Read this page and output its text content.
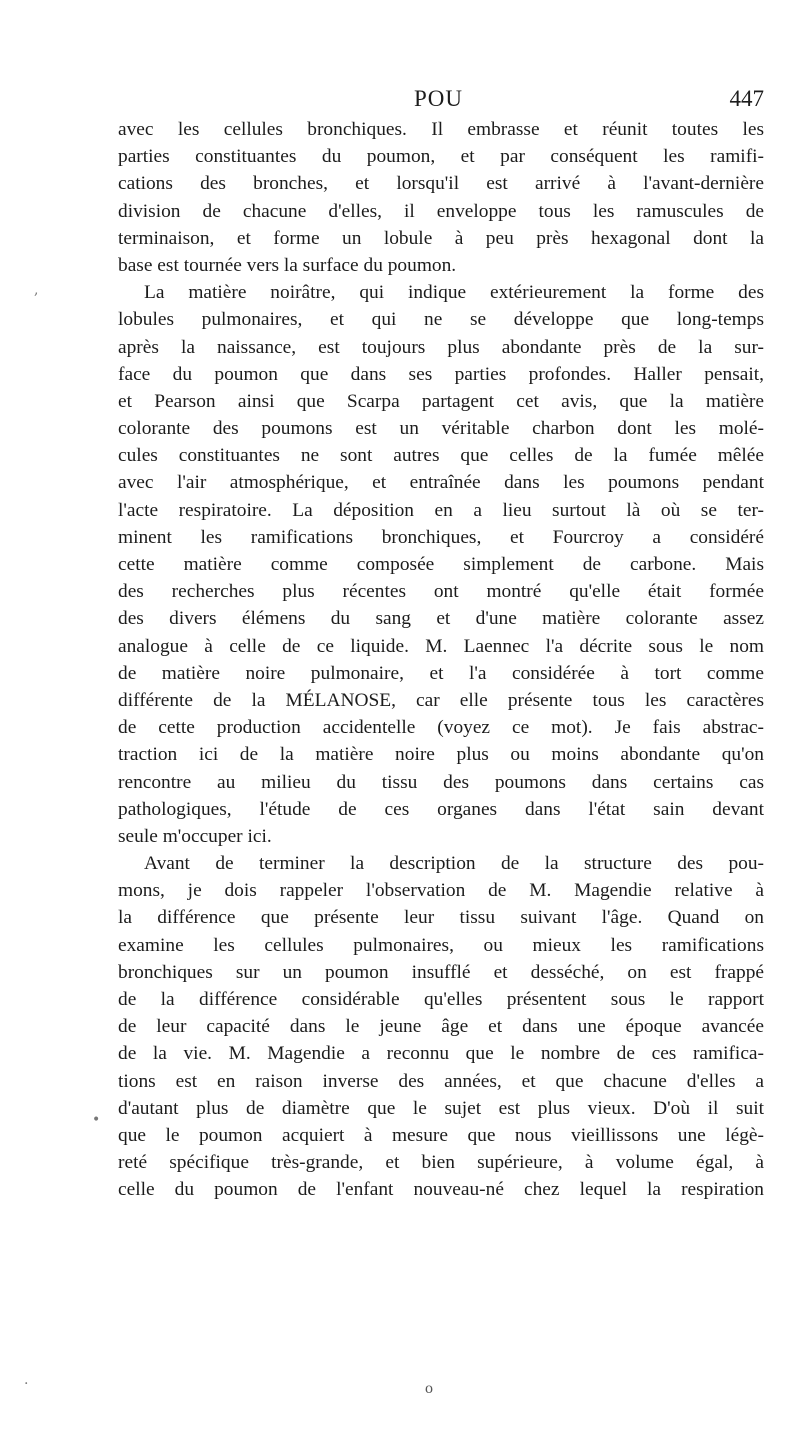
POU	447
avec les cellules bronchiques. Il embrasse et réunit toutes les
parties constituantes du poumon, et par conséquent les ramifi-
cations des bronches, et lorsqu'il est arrivé à l'avant-dernière
division de chacune d'elles, il enveloppe tous les ramuscules de
terminaison, et forme un lobule à peu près hexagonal dont la
base est tournée vers la surface du poumon.
La matière noirâtre, qui indique extérieurement la forme des
lobules pulmonaires, et qui ne se développe que long-temps
après la naissance, est toujours plus abondante près de la sur-
face du poumon que dans ses parties profondes. Haller pensait,
et Pearson ainsi que Scarpa partagent cet avis, que la matière
colorante des poumons est un véritable charbon dont les molé-
cules constituantes ne sont autres que celles de la fumée mêlée
avec l'air atmosphérique, et entraînée dans les poumons pendant
l'acte respiratoire. La déposition en a lieu surtout là où se ter-
minent les ramifications bronchiques, et Fourcroy a considéré
cette matière comme composée simplement de carbone. Mais
des recherches plus récentes ont montré qu'elle était formée
des divers élémens du sang et d'une matière colorante assez
analogue à celle de ce liquide. M. Laennec l'a décrite sous le nom
de matière noire pulmonaire, et l'a considérée à tort comme
différente de la MÉLANOSE, car elle présente tous les caractères
de cette production accidentelle (voyez ce mot). Je fais abstrac-
traction ici de la matière noire plus ou moins abondante qu'on
rencontre au milieu du tissu des poumons dans certains cas
pathologiques, l'étude de ces organes dans l'état sain devant
seule m'occuper ici.
Avant de terminer la description de la structure des pou-
mons, je dois rappeler l'observation de M. Magendie relative à
la différence que présente leur tissu suivant l'âge. Quand on
examine les cellules pulmonaires, ou mieux les ramifications
bronchiques sur un poumon insufflé et desséché, on est frappé
de la différence considérable qu'elles présentent sous le rapport
de leur capacité dans le jeune âge et dans une époque avancée
de la vie. M. Magendie a reconnu que le nombre de ces ramifica-
tions est en raison inverse des années, et que chacune d'elles a
d'autant plus de diamètre que le sujet est plus vieux. D'où il suit
que le poumon acquiert à mesure que nous vieillissons une légè-
reté spécifique très-grande, et bien supérieure, à volume égal, à
celle du poumon de l'enfant nouveau-né chez lequel la respiration
,
•
.	o
